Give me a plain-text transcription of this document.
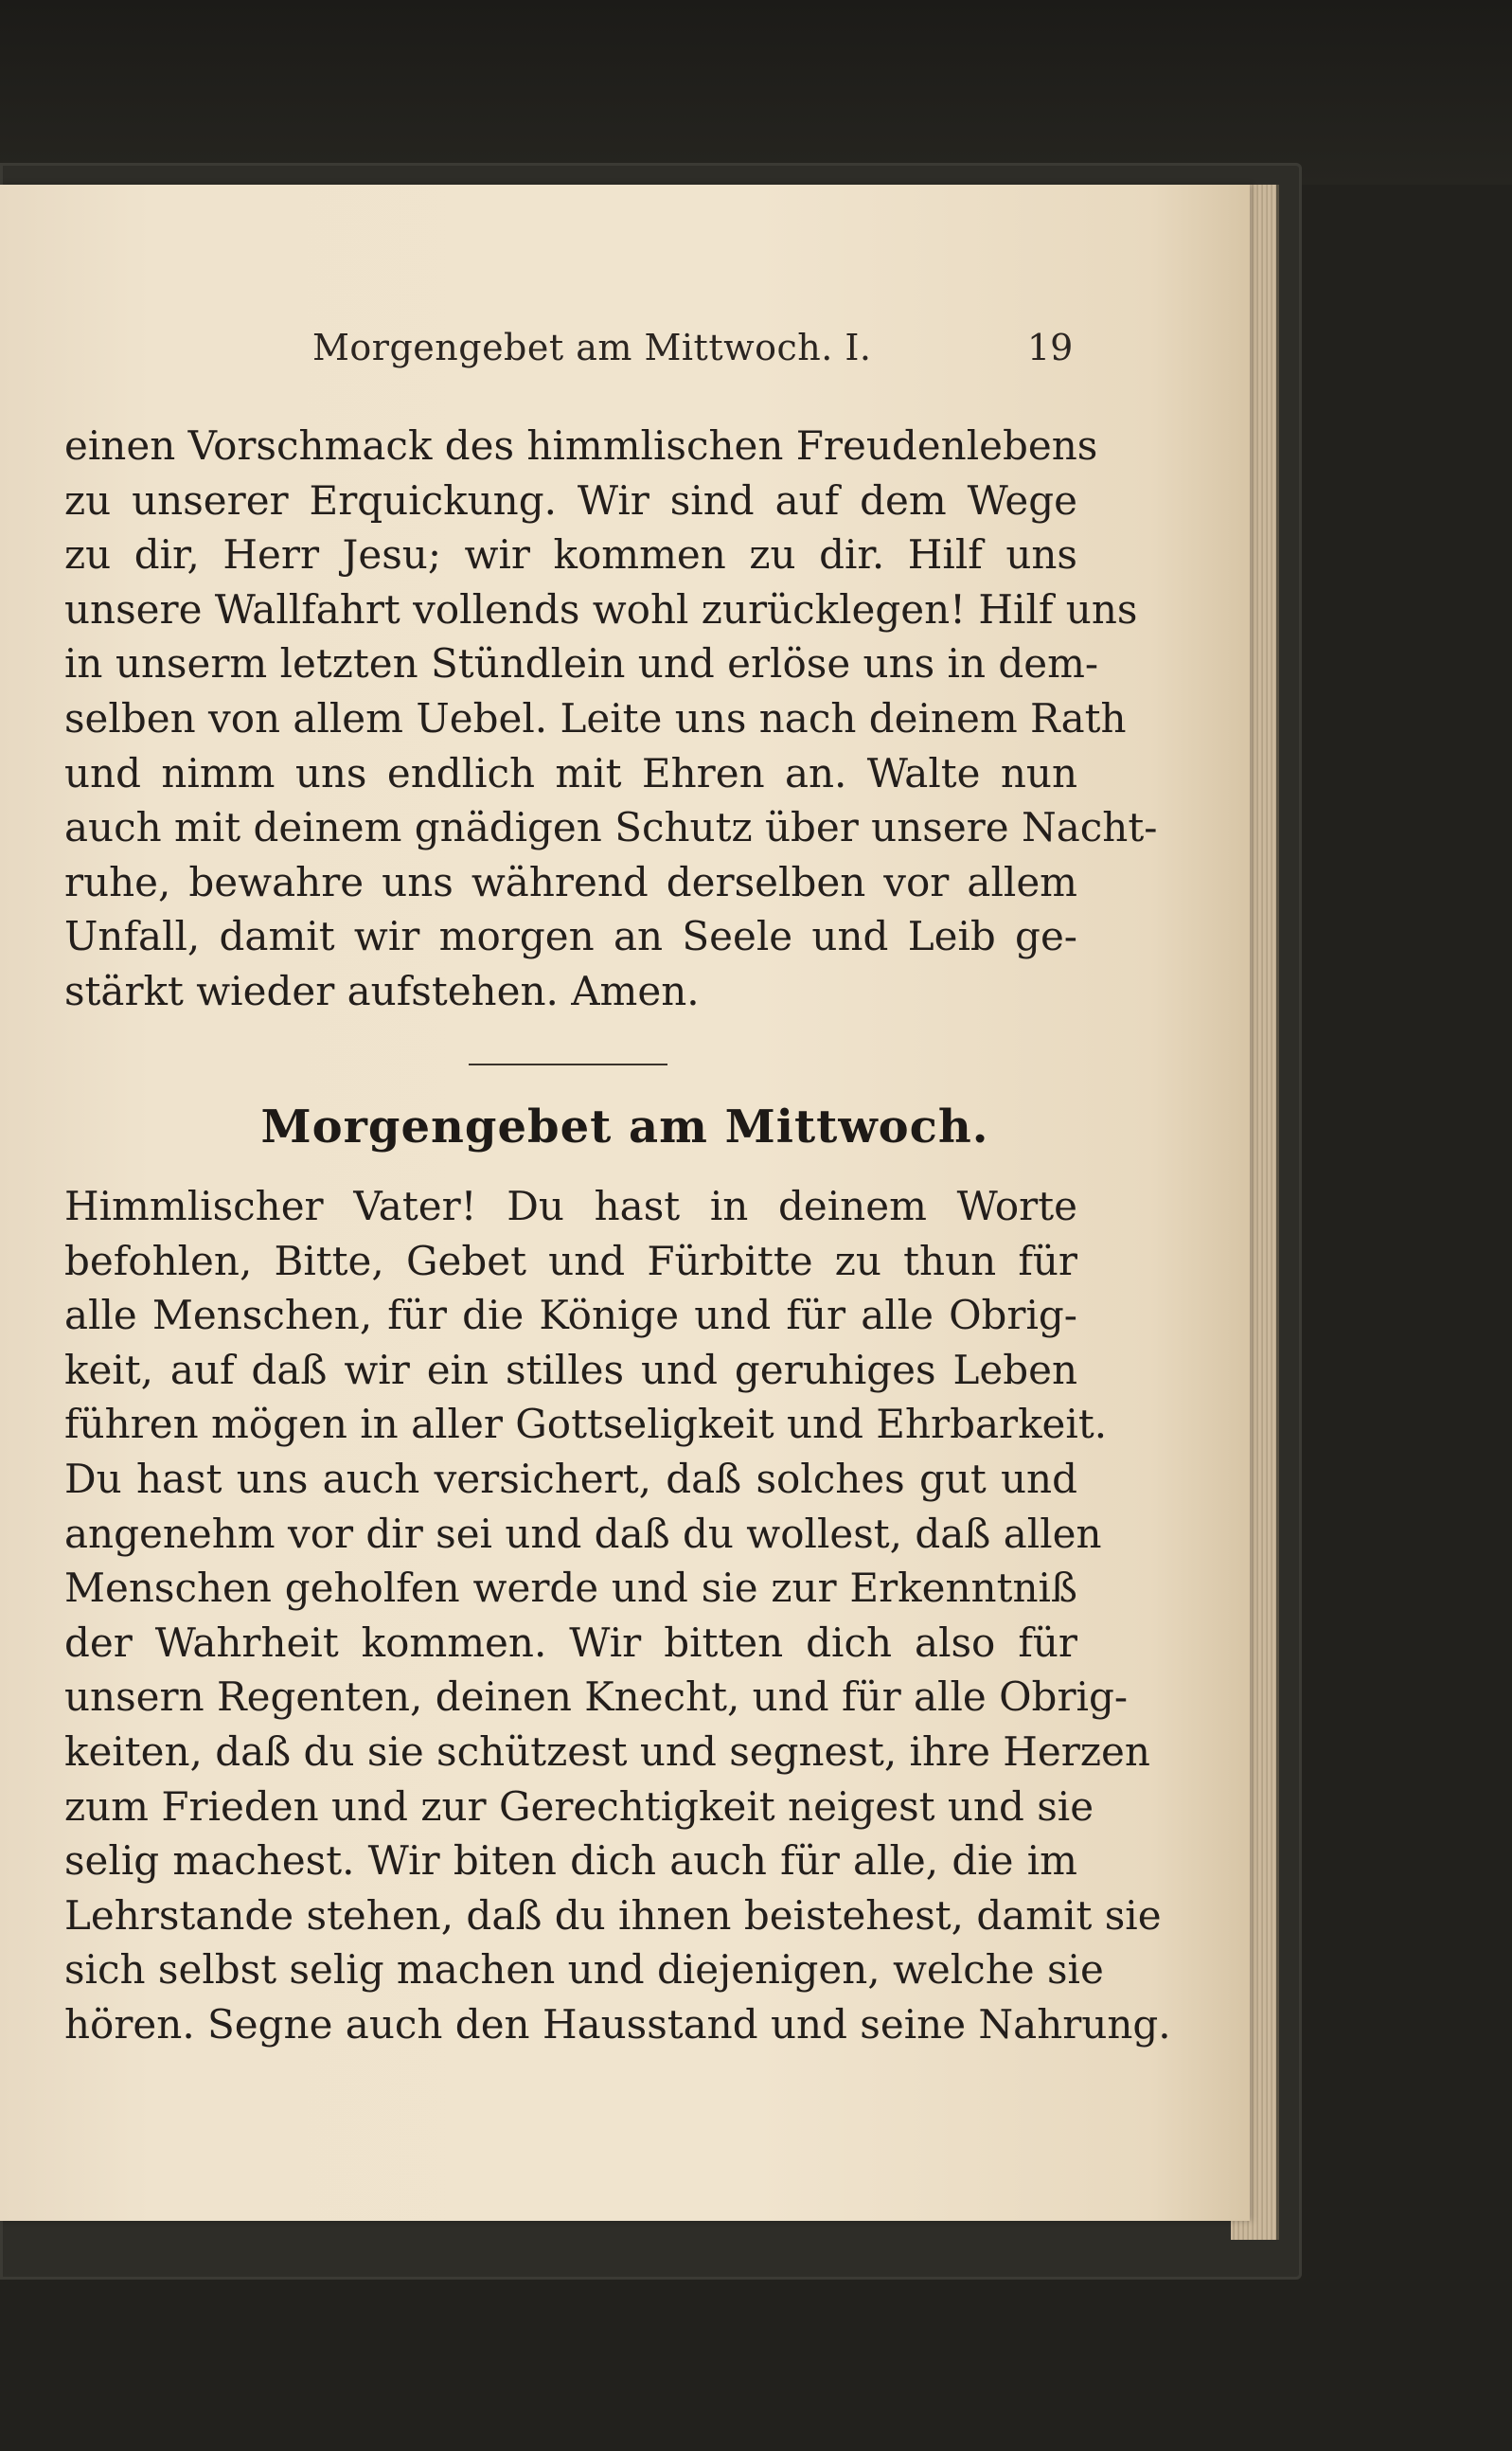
Morgengebet am Mittwoch. I.	19
einen Vorschmack des himmlischen Freudenlebens
zu unserer Erquickung. Wir sind auf dem Wege
zu dir, Herr Jesu; wir kommen zu dir. Hilf uns
unsere Wallfahrt vollends wohl zurücklegen! Hilf uns
in unserm letzten Stündlein und erlöse uns in dem-
selben von allem Uebel. Leite uns nach deinem Rath
und nimm uns endlich mit Ehren an. Walte nun
auch mit deinem gnädigen Schutz über unsere Nacht-
ruhe, bewahre uns während derselben vor allem
Unfall, damit wir morgen an Seele und Leib ge-
stärkt wieder aufstehen. Amen.
Morgengebet am Mittwoch.
Himmlischer Vater! Du hast in deinem Worte
befohlen, Bitte, Gebet und Fürbitte zu thun für
alle Menschen, für die Könige und für alle Obrig-
keit, auf daß wir ein stilles und geruhiges Leben
führen mögen in aller Gottseligkeit und Ehrbarkeit.
Du hast uns auch versichert, daß solches gut und
angenehm vor dir sei und daß du wollest, daß allen
Menschen geholfen werde und sie zur Erkenntniß
der Wahrheit kommen. Wir bitten dich also für
unsern Regenten, deinen Knecht, und für alle Obrig-
keiten, daß du sie schützest und segnest, ihre Herzen
zum Frieden und zur Gerechtigkeit neigest und sie
selig machest. Wir biten dich auch für alle, die im
Lehrstande stehen, daß du ihnen beistehest, damit sie
sich selbst selig machen und diejenigen, welche sie
hören. Segne auch den Hausstand und seine Nahrung.
